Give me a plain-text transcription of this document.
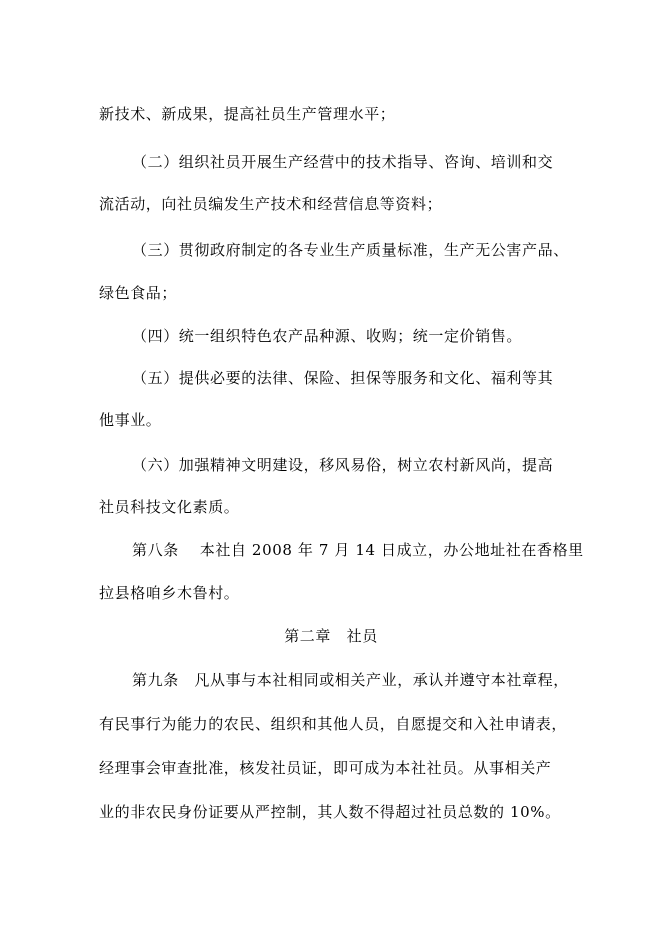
新技术、新成果，提高社员生产管理水平；
（二）组织社员开展生产经营中的技术指导、咨询、培训和交
流活动，向社员编发生产技术和经营信息等资料；
（三）贯彻政府制定的各专业生产质量标准，生产无公害产品、
绿色食品；
（四）统一组织特色农产品种源、收购；统一定价销售。
（五）提供必要的法律、保险、担保等服务和文化、福利等其
他事业。
（六）加强精神文明建设，移风易俗，树立农村新风尚，提高
社员科技文化素质。
第八条　 本社自 2008 年 7 月 14 日成立，办公地址社在香格里
拉县格咱乡木鲁村。
第二章　社员
第九条　凡从事与本社相同或相关产业，承认并遵守本社章程，
有民事行为能力的农民、组织和其他人员，自愿提交和入社申请表，
经理事会审查批准，核发社员证，即可成为本社社员。从事相关产
业的非农民身份证要从严控制，其人数不得超过社员总数的 10%。
